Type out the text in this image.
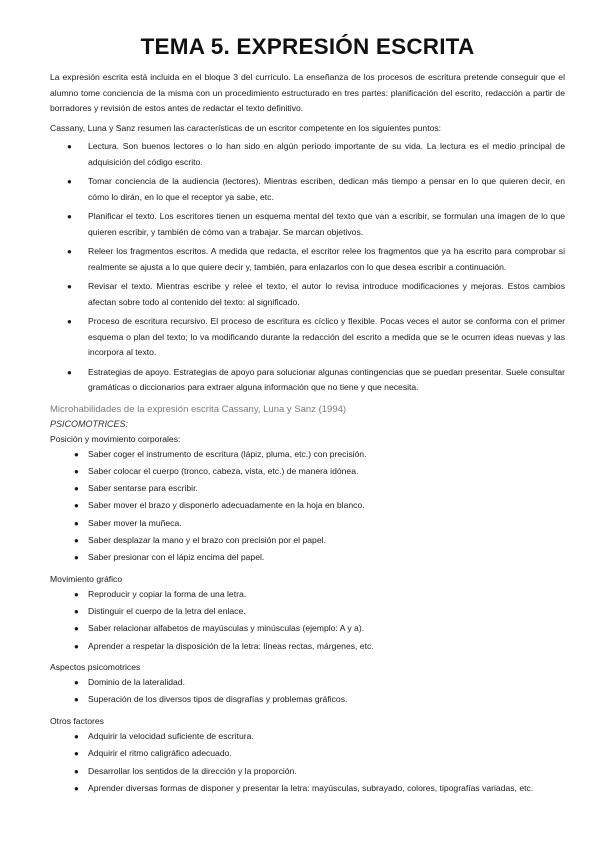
TEMA 5. EXPRESIÓN ESCRITA

La expresión escrita está incluida en el bloque 3 del currículo. La enseñanza de los procesos de escritura pretende conseguir que el alumno tome conciencia de la misma con un procedimiento estructurado en tres partes: planificación del escrito, redacción a partir de borradores y revisión de estos antes de redactar el texto definitivo.

Cassany, Luna y Sanz resumen las características de un escritor competente en los siguientes puntos:

● Lectura. Son buenos lectores o lo han sido en algún período importante de su vida. La lectura es el medio principal de adquisición del código escrito.
● Tomar conciencia de la audiencia (lectores). Mientras escriben, dedican más tiempo a pensar en lo que quieren decir, en cómo lo dirán, en lo que el receptor ya sabe, etc.
● Planificar el texto. Los escritores tienen un esquema mental del texto que van a escribir, se formulan una imagen de lo que quieren escribir, y también de cómo van a trabajar. Se marcan objetivos.
● Releer los fragmentos escritos. A medida que redacta, el escritor relee los fragmentos que ya ha escrito para comprobar si realmente se ajusta a lo que quiere decir y, también, para enlazarlos con lo que desea escribir a continuación.
● Revisar el texto. Mientras escribe y relee el texto, el autor lo revisa introduce modificaciones y mejoras. Estos cambios afectan sobre todo al contenido del texto: al significado.
● Proceso de escritura recursivo. El proceso de escritura es cíclico y flexible. Pocas veces el autor se conforma con el primer esquema o plan del texto; lo va modificando durante la redacción del escrito a medida que se le ocurren ideas nuevas y las incorpora al texto.
● Estrategias de apoyo. Estrategias de apoyo para solucionar algunas contingencias que se puedan presentar. Suele consultar gramáticas o diccionarios para extraer alguna información que no tiene y que necesita.
Microhabilidades de la expresión escrita Cassany, Luna y Sanz (1994)
PSICOMOTRICES:
Posición y movimiento corporales:
● Saber coger el instrumento de escritura (lápiz, pluma, etc.) con precisión.
● Saber colocar el cuerpo (tronco, cabeza, vista, etc.) de manera idónea.
● Saber sentarse para escribir.
● Saber mover el brazo y disponerlo adecuadamente en la hoja en blanco.
● Saber mover la muñeca.
● Saber desplazar la mano y el brazo con precisión por el papel.
● Saber presionar con el lápiz encima del papel.
Movimiento gráfico
● Reproducir y copiar la forma de una letra.
● Distinguir el cuerpo de la letra del enlace.
● Saber relacionar alfabetos de mayúsculas y minúsculas (ejemplo: A y a).
● Aprender a respetar la disposición de la letra: líneas rectas, márgenes, etc.
Aspectos psicomotrices
● Dominio de la lateralidad.
● Superación de los diversos tipos de disgrafías y problemas gráficos.
Otros factores
● Adquirir la velocidad suficiente de escritura.
● Adquirir el ritmo caligráfico adecuado.
● Desarrollar los sentidos de la dirección y la proporción.
● Aprender diversas formas de disponer y presentar la letra: mayúsculas, subrayado, colores, tipografías variadas, etc.
